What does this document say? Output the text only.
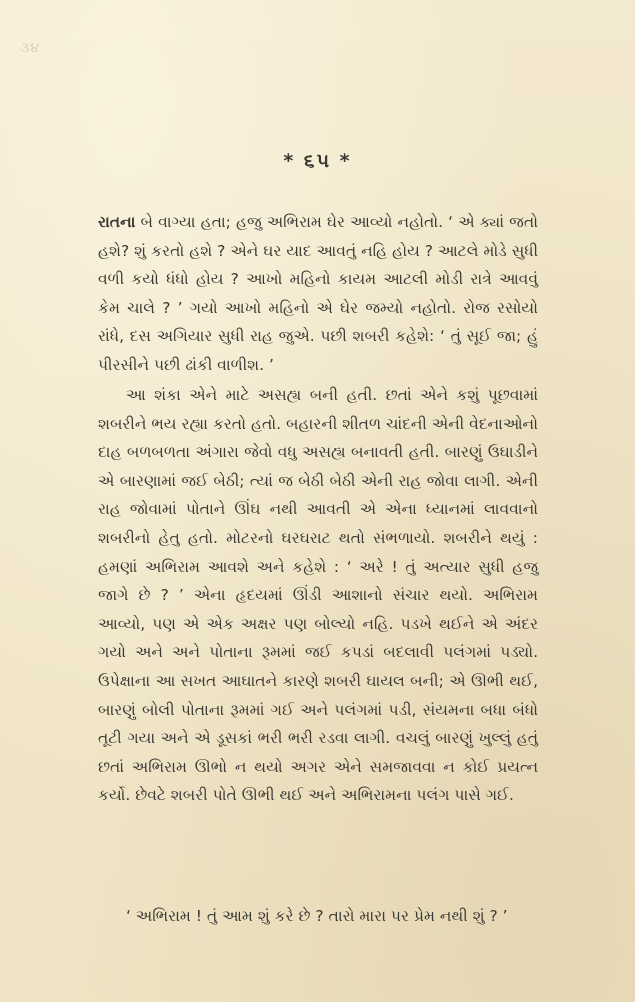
૩૪
* ૬૫ *

રાતના બે વાગ્યા હતા; હજુ અભિરામ ઘેર આવ્યો નહોતો. ‘ એ ક્યાં જતો હશે? શું કરતો હશે ? એને ઘર યાદ આવતું નહિ હોય ? આટલે મોડે સુધી વળી કયો ધંધો હોય ? આખો મહિનો કાયમ આટલી મોડી રાત્રે આવવું કેમ ચાલે ? ’ ગયો આખો મહિનો એ ઘેર જમ્યો નહોતો. રોજ રસોયો રાંધે, દસ અગિયાર સુધી રાહ જુએ. પછી શબરી કહેશે: ‘ તું સૂઈ જા; હું પીરસીને પછી ઢાંકી વાળીશ. ’

આ શંકા એને માટે અસહ્ય બની હતી. છતાં એને કશું પૂછવામાં શબરીને ભય રહ્યા કરતો હતો. બહારની શીતળ ચાંદની એની વેદનાઓનો દાહ બળબળતા અંગારા જેવો વધુ અસહ્ય બનાવતી હતી. બારણું ઉઘાડીને એ બારણામાં જઈ બેઠી; ત્યાં જ બેઠી બેઠી એની રાહ જોવા લાગી. એની રાહ જોવામાં પોતાને ઊંઘ નથી આવતી એ એના ધ્યાનમાં લાવવાનો શબરીનો હેતુ હતો. મોટરનો ઘરઘરાટ થતો સંભળાયો. શબરીને થયું : હમણાં અભિરામ આવશે અને કહેશે : ‘ અરે ! તું અત્યાર સુધી હજુ જાગે છે ? ’ એના હૃદયમાં ઊંડી આશાનો સંચાર થયો. અભિરામ આવ્યો, પણ એ એક અક્ષર પણ બોલ્યો નહિ. પડખે થઈને એ અંદર ગયો અને અને પોતાના રૂમમાં જઈ કપડાં બદલાવી પલંગમાં પડ્યો. ઉપેક્ષાના આ સખત આઘાતને કારણે શબરી ઘાયલ બની; એ ઊભી થઈ, બારણું બોલી પોતાના રૂમમાં ગઈ અને પલંગમાં પડી, સંયમના બધા બંધો તૂટી ગયા અને એ ડૂસકાં ભરી ભરી રડવા લાગી. વચલું બારણું ખુલ્લું હતું છતાં અભિરામ ઊભો ન થયો અગર એને સમજાવવા ન કોઈ પ્રયત્ન કર્યો. છેવટે શબરી પોતે ઊભી થઈ અને અભિરામના પલંગ પાસે ગઈ.

‘ અભિરામ ! તું આમ શું કરે છે ? તારો મારા પર પ્રેમ નથી શું ? ’
